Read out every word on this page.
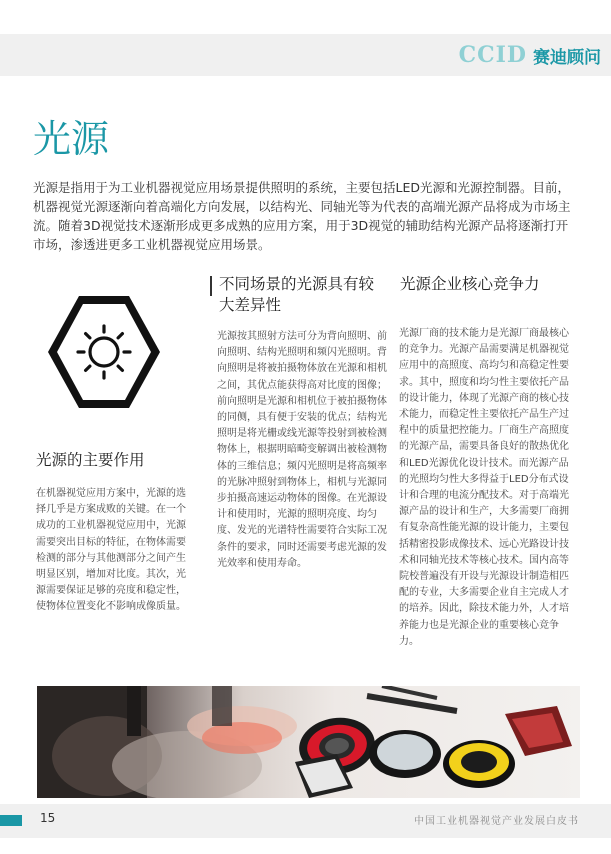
CCID 赛迪顾问
光源

光源是指用于为工业机器视觉应用场景提供照明的系统，主要包括LED光源和光源控制器。目前，机器视觉光源逐渐向着高端化方向发展，以结构光、同轴光等为代表的高端光源产品将成为市场主流。随着3D视觉技术逐渐形成更多成熟的应用方案，用于3D视觉的辅助结构光源产品将逐渐打开市场，渗透进更多工业机器视觉应用场景。

光源的主要作用

在机器视觉应用方案中，光源的选择几乎是方案成败的关键。在一个成功的工业机器视觉应用中，光源需要突出目标的特征，在物体需要检测的部分与其他测部分之间产生明显区别，增加对比度。其次，光源需要保证足够的亮度和稳定性，使物体位置变化不影响成像质量。

不同场景的光源具有较大差异性

光源按其照射方法可分为背向照明、前向照明、结构光照明和频闪光照明。背向照明是将被拍摄物体放在光源和相机之间，其优点能获得高对比度的图像；前向照明是光源和相机位于被拍摄物体的同侧，具有便于安装的优点；结构光照明是将光栅或线光源等投射到被检测物体上，根据明暗畸变解调出被检测物体的三维信息；频闪光照明是将高频率的光脉冲照射到物体上，相机与光源同步拍摄高速运动物体的图像。在光源设计和使用时，光源的照明亮度、均匀度、发光的光谱特性需要符合实际工况条件的要求，同时还需要考虑光源的发光效率和使用寿命。

光源企业核心竞争力

光源厂商的技术能力是光源厂商最核心的竞争力。光源产品需要满足机器视觉应用中的高照度、高均匀和高稳定性要求。其中，照度和均匀性主要依托产品的设计能力，体现了光源产商的核心技术能力，而稳定性主要依托产品生产过程中的质量把控能力。厂商生产高照度的光源产品，需要具备良好的散热优化和LED光源优化设计技术。而光源产品的光照均匀性大多得益于LED分布式设计和合理的电流分配技术。对于高端光源产品的设计和生产，大多需要厂商拥有复杂高性能光源的设计能力，主要包括精密投影成像技术、远心光路设计技术和同轴光技术等核心技术。国内高等院校普遍没有开设与光源设计制造相匹配的专业，大多需要企业自主完成人才的培养。因此，除技术能力外，人才培养能力也是光源企业的重要核心竞争力。

15	中国工业机器视觉产业发展白皮书
